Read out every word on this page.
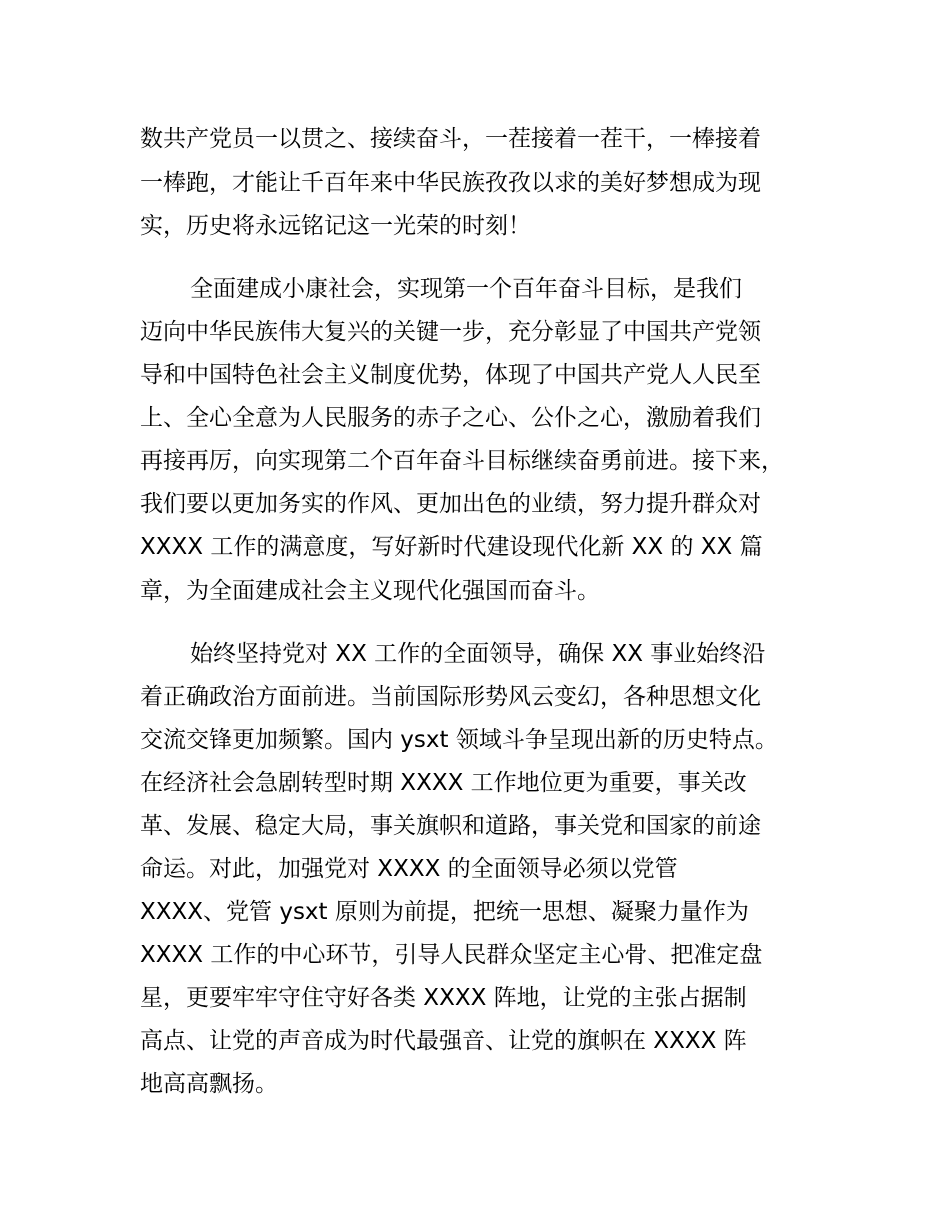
数共产党员一以贯之、接续奋斗，一茬接着一茬干，一棒接着
一棒跑，才能让千百年来中华民族孜孜以求的美好梦想成为现
实，历史将永远铭记这一光荣的时刻！
全面建成小康社会，实现第一个百年奋斗目标，是我们
迈向中华民族伟大复兴的关键一步，充分彰显了中国共产党领
导和中国特色社会主义制度优势，体现了中国共产党人人民至
上、全心全意为人民服务的赤子之心、公仆之心，激励着我们
再接再厉，向实现第二个百年奋斗目标继续奋勇前进。接下来，
我们要以更加务实的作风、更加出色的业绩，努力提升群众对
XXXX 工作的满意度，写好新时代建设现代化新 XX 的 XX 篇
章，为全面建成社会主义现代化强国而奋斗。
始终坚持党对 XX 工作的全面领导，确保 XX 事业始终沿
着正确政治方面前进。当前国际形势风云变幻，各种思想文化
交流交锋更加频繁。国内 ysxt 领域斗争呈现出新的历史特点。
在经济社会急剧转型时期 XXXX 工作地位更为重要，事关改
革、发展、稳定大局，事关旗帜和道路，事关党和国家的前途
命运。对此，加强党对 XXXX 的全面领导必须以党管
XXXX、党管 ysxt 原则为前提，把统一思想、凝聚力量作为
XXXX 工作的中心环节，引导人民群众坚定主心骨、把准定盘
星，更要牢牢守住守好各类 XXXX 阵地，让党的主张占据制
高点、让党的声音成为时代最强音、让党的旗帜在 XXXX 阵
地高高飘扬。
